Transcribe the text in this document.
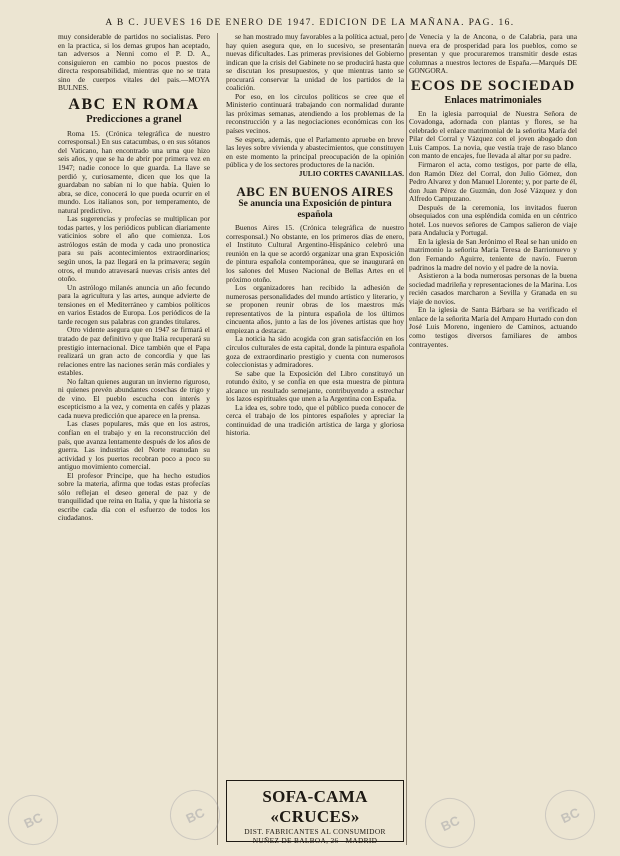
A B C. JUEVES 16 DE ENERO DE 1947. EDICION DE LA MAÑANA. PAG. 16.

muy considerable de partidos no socialistas. Pero en la practica, si los demas grupos han aceptado, tan adversos a Nenni como el P. D. A., consiguieron en cambio no pocos puestos de directa responsabilidad, mientras que no se trata sino de cuerpos vitales del pais.—MOYA BULNES.

ABC EN ROMA
Predicciones a granel

Roma 15. (Crónica telegráfica de nuestro corresponsal.) En sus catacumbas, o en sus sótanos del Vaticano, han encontrado una urna que hizo seis años, y que se ha de abrir por primera vez en 1947; nadie conoce lo que guarda. La llave se perdió y, curiosamente, dicen que los que la guardaban no sabían ni lo que había. Quien lo abra, se dice, conocerá lo que pueda ocurrir en el mundo. Los italianos son, por temperamento, de natural predictivo.

Las sugerencias y profecías se multiplican por todas partes, y los periódicos publican diariamente vaticinios sobre el año que comienza. Los astrólogos están de moda y cada uno pronostica para su país acontecimientos extraordinarios; según unos, la paz llegará en la primavera; según otros, el mundo atravesará nuevas crisis antes del otoño.

Un astrólogo milanés anuncia un año fecundo para la agricultura y las artes, aunque advierte de tensiones en el Mediterráneo y cambios políticos en varios Estados de Europa. Los periódicos de la tarde recogen sus palabras con grandes titulares.

Otro vidente asegura que en 1947 se firmará el tratado de paz definitivo y que Italia recuperará su prestigio internacional. Dice también que el Papa realizará un gran acto de concordia y que las relaciones entre las naciones serán más cordiales y estables.

No faltan quienes auguran un invierno riguroso, ni quienes prevén abundantes cosechas de trigo y de vino. El pueblo escucha con interés y escepticismo a la vez, y comenta en cafés y plazas cada nueva predicción que aparece en la prensa.

Las clases populares, más que en los astros, confían en el trabajo y en la reconstrucción del país, que avanza lentamente después de los años de guerra. Las industrias del Norte reanudan su actividad y los puertos recobran poco a poco su antiguo movimiento comercial.

El profesor Principe, que ha hecho estudios sobre la materia, afirma que todas estas profecías sólo reflejan el deseo general de paz y de tranquilidad que reina en Italia, y que la historia se escribe cada día con el esfuerzo de todos los ciudadanos.

se han mostrado muy favorables a la política actual, pero hay quien asegura que, en lo sucesivo, se presentarán nuevas dificultades. Las primeras previsiones del Gobierno indican que la crisis del Gabinete no se producirá hasta que se discutan los presupuestos, y que mientras tanto se procurará conservar la unidad de los partidos de la coalición.

Por eso, en los círculos políticos se cree que el Ministerio continuará trabajando con normalidad durante las próximas semanas, atendiendo a los problemas de la reconstrucción y a las negociaciones económicas con los países vecinos.

Se espera, además, que el Parlamento apruebe en breve las leyes sobre vivienda y abastecimientos, que constituyen en este momento la principal preocupación de la opinión pública y de los sectores productores de la nación.

JULIO CORTES CAVANILLAS.
ABC EN BUENOS AIRES
Se anuncia una Exposición de pintura española

Buenos Aires 15. (Crónica telegráfica de nuestro corresponsal.) No obstante, en los primeros días de enero, el Instituto Cultural Argentino-Hispánico celebró una reunión en la que se acordó organizar una gran Exposición de pintura española contemporánea, que se inaugurará en los salones del Museo Nacional de Bellas Artes en el próximo otoño.

Los organizadores han recibido la adhesión de numerosas personalidades del mundo artístico y literario, y se proponen reunir obras de los maestros más representativos de la pintura española de los últimos cincuenta años, junto a las de los jóvenes artistas que hoy empiezan a destacar.

La noticia ha sido acogida con gran satisfacción en los círculos culturales de esta capital, donde la pintura española goza de extraordinario prestigio y cuenta con numerosos coleccionistas y admiradores.

Se sabe que la Exposición del Libro constituyó un rotundo éxito, y se confía en que esta muestra de pintura alcance un resultado semejante, contribuyendo a estrechar los lazos espirituales que unen a la Argentina con España.

La idea es, sobre todo, que el público pueda conocer de cerca el trabajo de los pintores españoles y apreciar la continuidad de una tradición artística de larga y gloriosa historia.

SOFA-CAMA «CRUCES»
DIST. FABRICANTES AL CONSUMIDOR
NUÑEZ DE BALBOA, 26 - MADRID

de Venecia y la de Ancona, o de Calabria, para una nueva era de prosperidad para los pueblos, como se presentan y que procuraremos transmitir desde estas columnas a nuestros lectores de España.—Marqués DE GONGORA.

ECOS DE SOCIEDAD
Enlaces matrimoniales

En la iglesia parroquial de Nuestra Señora de Covadonga, adornada con plantas y flores, se ha celebrado el enlace matrimonial de la señorita María del Pilar del Corral y Vázquez con el joven abogado don Luis Campos. La novia, que vestía traje de raso blanco con manto de encajes, fue llevada al altar por su padre.

Firmaron el acta, como testigos, por parte de ella, don Ramón Díez del Corral, don Julio Gómez, don Pedro Alvarez y don Manuel Llorente; y, por parte de él, don Juan Pérez de Guzmán, don José Vázquez y don Alfredo Campuzano.

Después de la ceremonia, los invitados fueron obsequiados con una espléndida comida en un céntrico hotel. Los nuevos señores de Campos salieron de viaje para Andalucía y Portugal.

En la iglesia de San Jerónimo el Real se han unido en matrimonio la señorita María Teresa de Barrionuevo y don Fernando Aguirre, teniente de navío. Fueron padrinos la madre del novio y el padre de la novia.

Asistieron a la boda numerosas personas de la buena sociedad madrileña y representaciones de la Marina. Los recién casados marcharon a Sevilla y Granada en su viaje de novios.

En la iglesia de Santa Bárbara se ha verificado el enlace de la señorita María del Amparo Hurtado con don José Luis Moreno, ingeniero de Caminos, actuando como testigos diversos familiares de ambos contrayentes.

BC	BC	BC	BC
